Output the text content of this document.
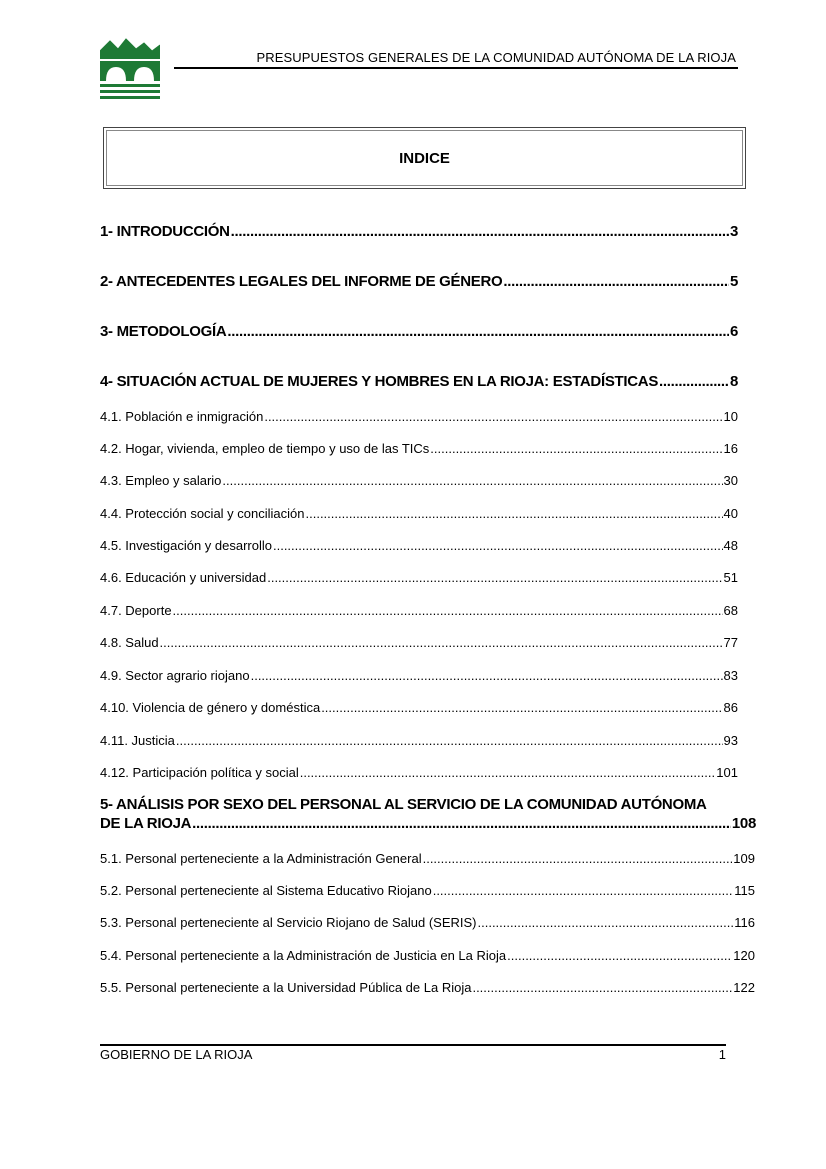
PRESUPUESTOS GENERALES DE LA COMUNIDAD AUTÓNOMA DE LA RIOJA
INDICE
1- INTRODUCCIÓN .....	3
2- ANTECEDENTES LEGALES DEL INFORME DE GÉNERO .....	5
3- METODOLOGÍA .....	6
4- SITUACIÓN ACTUAL DE MUJERES Y HOMBRES EN LA RIOJA: ESTADÍSTICAS .....	8
4.1. Población e inmigración .....	10
4.2. Hogar, vivienda, empleo de tiempo y uso de las TICs .....	16
4.3. Empleo y salario .....	30
4.4. Protección social y conciliación .....	40
4.5. Investigación y desarrollo .....	48
4.6. Educación y universidad .....	51
4.7. Deporte .....	68
4.8. Salud .....	77
4.9. Sector agrario riojano .....	83
4.10. Violencia de género y doméstica .....	86
4.11. Justicia .....	93
4.12. Participación política y social .....	101
5- ANÁLISIS POR SEXO DEL PERSONAL AL SERVICIO DE LA COMUNIDAD AUTÓNOMA
DE LA RIOJA .....	108
5.1. Personal perteneciente a la Administración General .....	109
5.2. Personal perteneciente al Sistema Educativo Riojano .....	115
5.3. Personal perteneciente al Servicio Riojano de Salud (SERIS) .....	116
5.4. Personal perteneciente a la Administración de Justicia en La Rioja .....	120
5.5. Personal perteneciente a la Universidad Pública de La Rioja .....	122
GOBIERNO DE LA RIOJA	1
